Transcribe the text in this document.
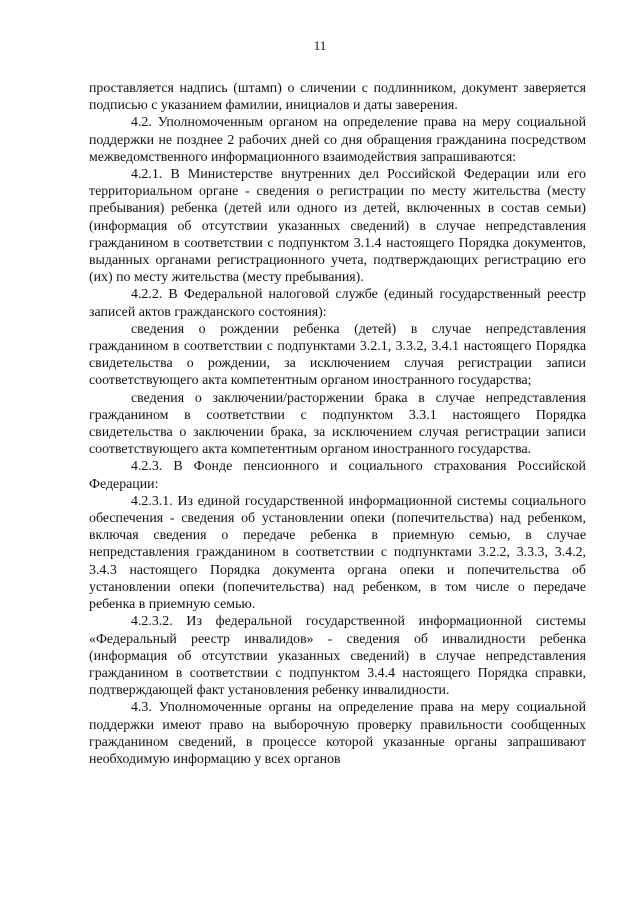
11

проставляется надпись (штамп) о сличении с подлинником, документ заверяется подписью с указанием фамилии, инициалов и даты заверения.

4.2. Уполномоченным органом на определение права на меру социальной поддержки не позднее 2 рабочих дней со дня обращения гражданина посредством межведомственного информационного взаимодействия запрашиваются:

4.2.1. В Министерстве внутренних дел Российской Федерации или его территориальном органе - сведения о регистрации по месту жительства (месту пребывания) ребенка (детей или одного из детей, включенных в состав семьи) (информация об отсутствии указанных сведений) в случае непредставления гражданином в соответствии с подпунктом 3.1.4 настоящего Порядка документов, выданных органами регистрационного учета, подтверждающих регистрацию его (их) по месту жительства (месту пребывания).

4.2.2. В Федеральной налоговой службе (единый государственный реестр записей актов гражданского состояния):

сведения о рождении ребенка (детей) в случае непредставления гражданином в соответствии с подпунктами 3.2.1, 3.3.2, 3.4.1 настоящего Порядка свидетельства о рождении, за исключением случая регистрации записи соответствующего акта компетентным органом иностранного государства;

сведения о заключении/расторжении брака в случае непредставления гражданином в соответствии с подпунктом 3.3.1 настоящего Порядка свидетельства о заключении брака, за исключением случая регистрации записи соответствующего акта компетентным органом иностранного государства.

4.2.3. В Фонде пенсионного и социального страхования Российской Федерации:

4.2.3.1. Из единой государственной информационной системы социального обеспечения - сведения об установлении опеки (попечительства) над ребенком, включая сведения о передаче ребенка в приемную семью, в случае непредставления гражданином в соответствии с подпунктами 3.2.2, 3.3.3, 3.4.2, 3.4.3 настоящего Порядка документа органа опеки и попечительства об установлении опеки (попечительства) над ребенком, в том числе о передаче ребенка в приемную семью.

4.2.3.2. Из федеральной государственной информационной системы «Федеральный реестр инвалидов» - сведения об инвалидности ребенка (информация об отсутствии указанных сведений) в случае непредставления гражданином в соответствии с подпунктом 3.4.4 настоящего Порядка справки, подтверждающей факт установления ребенку инвалидности.

4.3. Уполномоченные органы на определение права на меру социальной поддержки имеют право на выборочную проверку правильности сообщенных гражданином сведений, в процессе которой указанные органы запрашивают необходимую информацию у всех органов
